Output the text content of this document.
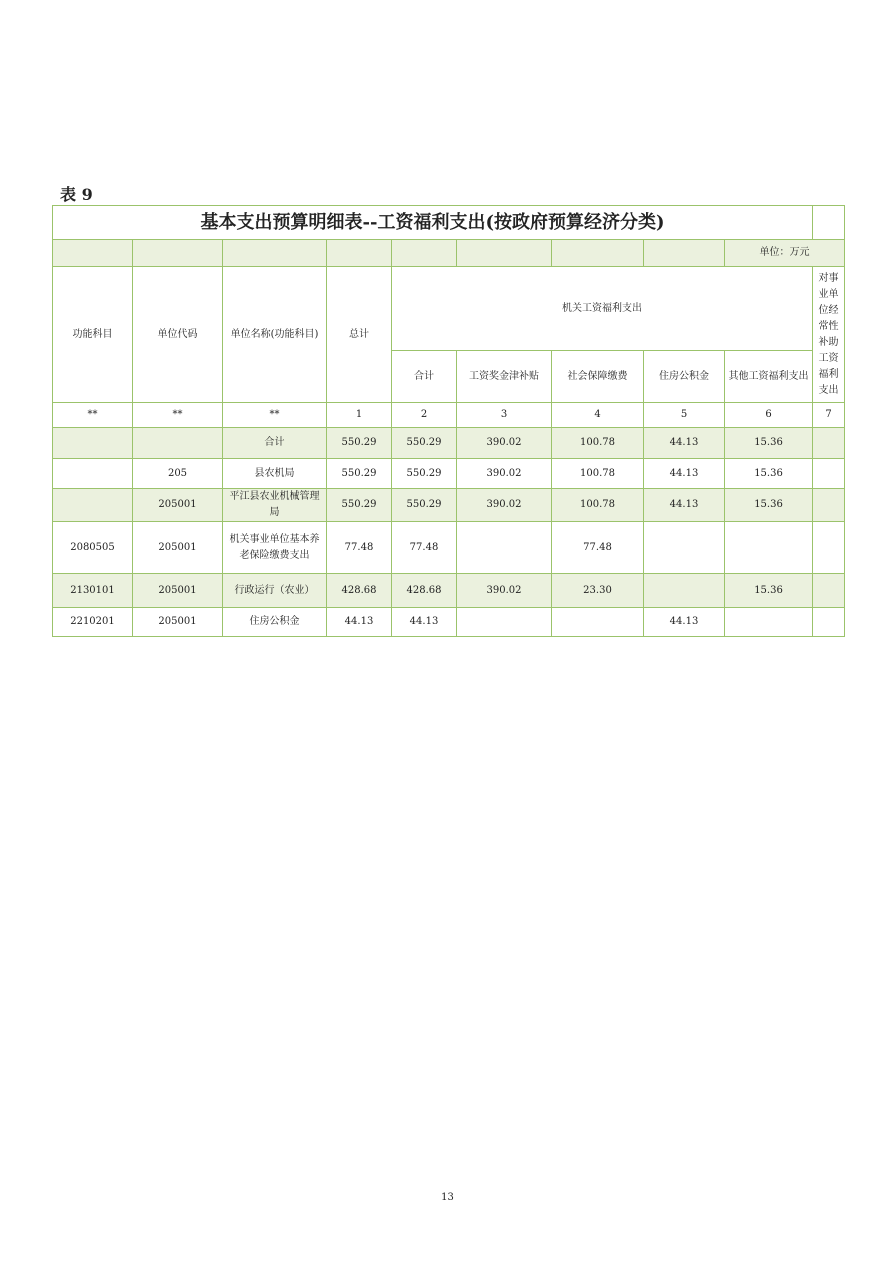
表 9
基本支出预算明细表--工资福利支出(按政府预算经济分类)									
								单位：万元	
功能科目	单位代码	单位名称(功能科目)	总计	机关工资福利支出					对事业单位经常性补助工资福利支出
				合计	工资奖金津补贴	社会保障缴费	住房公积金	其他工资福利支出	
**	**	**	1	2	3	4	5	6	7
		合计	550.29	550.29	390.02	100.78	44.13	15.36	
	205	县农机局	550.29	550.29	390.02	100.78	44.13	15.36	
	205001	平江县农业机械管理局	550.29	550.29	390.02	100.78	44.13	15.36	
2080505	205001	机关事业单位基本养老保险缴费支出	77.48	77.48		77.48			
2130101	205001	行政运行（农业）	428.68	428.68	390.02	23.30		15.36	
2210201	205001	住房公积金	44.13	44.13			44.13		
13
